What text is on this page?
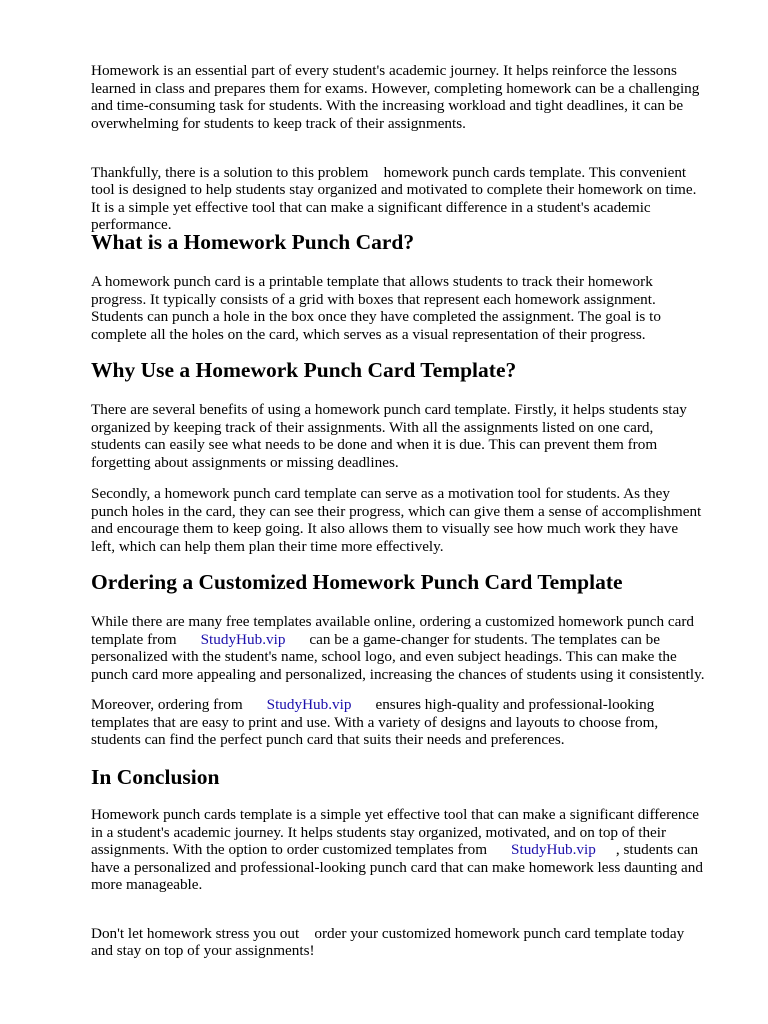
Homework is an essential part of every student's academic journey. It helps reinforce the lessons
learned in class and prepares them for exams. However, completing homework can be a challenging
and time-consuming task for students. With the increasing workload and tight deadlines, it can be
overwhelming for students to keep track of their assignments.

Thankfully, there is a solution to this problem    homework punch cards template. This convenient
tool is designed to help students stay organized and motivated to complete their homework on time.
It is a simple yet effective tool that can make a significant difference in a student's academic
performance.

What is a Homework Punch Card?

A homework punch card is a printable template that allows students to track their homework
progress. It typically consists of a grid with boxes that represent each homework assignment.
Students can punch a hole in the box once they have completed the assignment. The goal is to
complete all the holes on the card, which serves as a visual representation of their progress.

Why Use a Homework Punch Card Template?

There are several benefits of using a homework punch card template. Firstly, it helps students stay
organized by keeping track of their assignments. With all the assignments listed on one card,
students can easily see what needs to be done and when it is due. This can prevent them from
forgetting about assignments or missing deadlines.

Secondly, a homework punch card template can serve as a motivation tool for students. As they
punch holes in the card, they can see their progress, which can give them a sense of accomplishment
and encourage them to keep going. It also allows them to visually see how much work they have
left, which can help them plan their time more effectively.

Ordering a Customized Homework Punch Card Template

While there are many free templates available online, ordering a customized homework punch card
template from StudyHub.vip can be a game-changer for students. The templates can be
personalized with the student's name, school logo, and even subject headings. This can make the
punch card more appealing and personalized, increasing the chances of students using it consistently.

Moreover, ordering from StudyHub.vip ensures high-quality and professional-looking
templates that are easy to print and use. With a variety of designs and layouts to choose from,
students can find the perfect punch card that suits their needs and preferences.

In Conclusion

Homework punch cards template is a simple yet effective tool that can make a significant difference
in a student's academic journey. It helps students stay organized, motivated, and on top of their
assignments. With the option to order customized templates from StudyHub.vip , students can
have a personalized and professional-looking punch card that can make homework less daunting and
more manageable.

Don't let homework stress you out    order your customized homework punch card template today
and stay on top of your assignments!
